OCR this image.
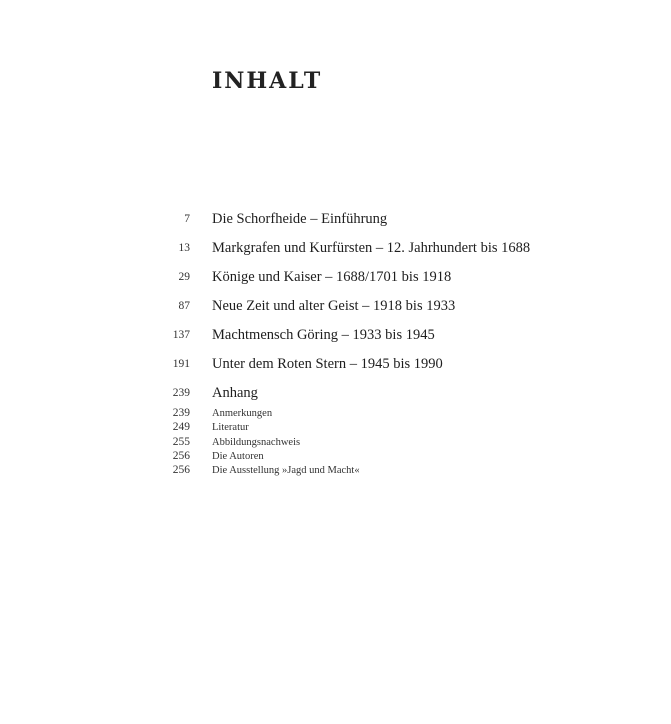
INHALT
7 Die Schorfheide – Einführung
13 Markgrafen und Kurfürsten – 12. Jahrhundert bis 1688
29 Könige und Kaiser – 1688/1701 bis 1918
87 Neue Zeit und alter Geist – 1918 bis 1933
137 Machtmensch Göring – 1933 bis 1945
191 Unter dem Roten Stern – 1945 bis 1990
239 Anhang
239 Anmerkungen
249 Literatur
255 Abbildungsnachweis
256 Die Autoren
256 Die Ausstellung »Jagd und Macht«
